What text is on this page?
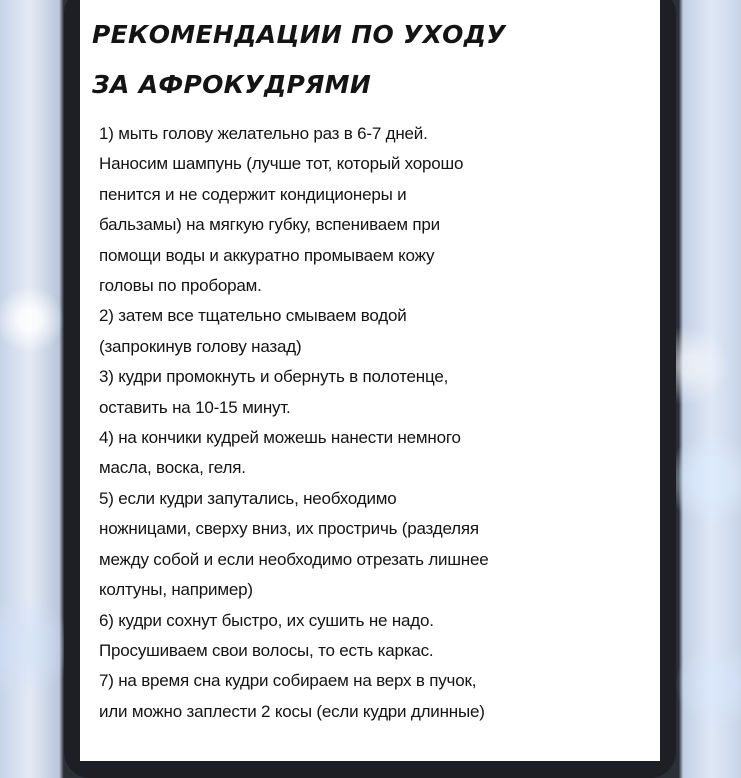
РЕКОМЕНДАЦИИ ПО УХОДУ
ЗА АФРОКУДРЯМИ
1) мыть голову желательно раз в 6-7 дней.
Наносим шампунь (лучше тот, который хорошо
пенится и не содержит кондиционеры и
бальзамы) на мягкую губку, вспениваем при
помощи воды и аккуратно промываем кожу
головы по проборам.
2) затем все тщательно смываем водой
(запрокинув голову назад)
3) кудри промокнуть и обернуть в полотенце,
оставить на 10-15 минут.
4) на кончики кудрей можешь нанести немного
масла, воска, геля.
5) если кудри запутались, необходимо
ножницами, сверху вниз, их простричь (разделяя
между собой и если необходимо отрезать лишнее
колтуны, например)
6) кудри сохнут быстро, их сушить не надо.
Просушиваем свои волосы, то есть каркас.
7) на время сна кудри собираем на верх в пучок,
или можно заплести 2 косы (если кудри длинные)
